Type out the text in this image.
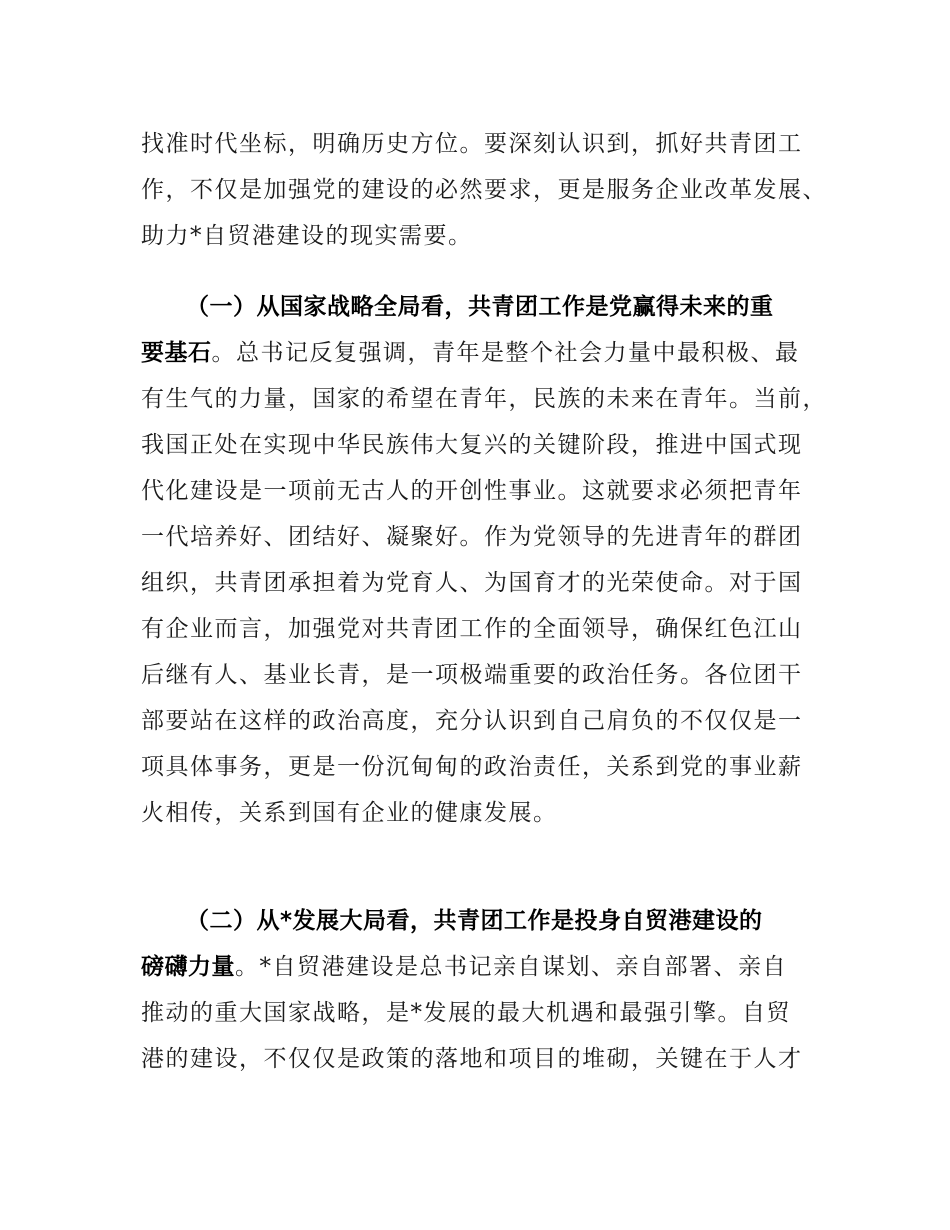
找准时代坐标，明确历史方位。要深刻认识到，抓好共青团工
作，不仅是加强党的建设的必然要求，更是服务企业改革发展、
助力*自贸港建设的现实需要。
（一）从国家战略全局看，共青团工作是党赢得未来的重
要基石。总书记反复强调，青年是整个社会力量中最积极、最
有生气的力量，国家的希望在青年，民族的未来在青年。当前，
我国正处在实现中华民族伟大复兴的关键阶段，推进中国式现
代化建设是一项前无古人的开创性事业。这就要求必须把青年
一代培养好、团结好、凝聚好。作为党领导的先进青年的群团
组织，共青团承担着为党育人、为国育才的光荣使命。对于国
有企业而言，加强党对共青团工作的全面领导，确保红色江山
后继有人、基业长青，是一项极端重要的政治任务。各位团干
部要站在这样的政治高度，充分认识到自己肩负的不仅仅是一
项具体事务，更是一份沉甸甸的政治责任，关系到党的事业薪
火相传，关系到国有企业的健康发展。
（二）从*发展大局看，共青团工作是投身自贸港建设的
磅礴力量。*自贸港建设是总书记亲自谋划、亲自部署、亲自
推动的重大国家战略，是*发展的最大机遇和最强引擎。自贸
港的建设，不仅仅是政策的落地和项目的堆砌，关键在于人才
